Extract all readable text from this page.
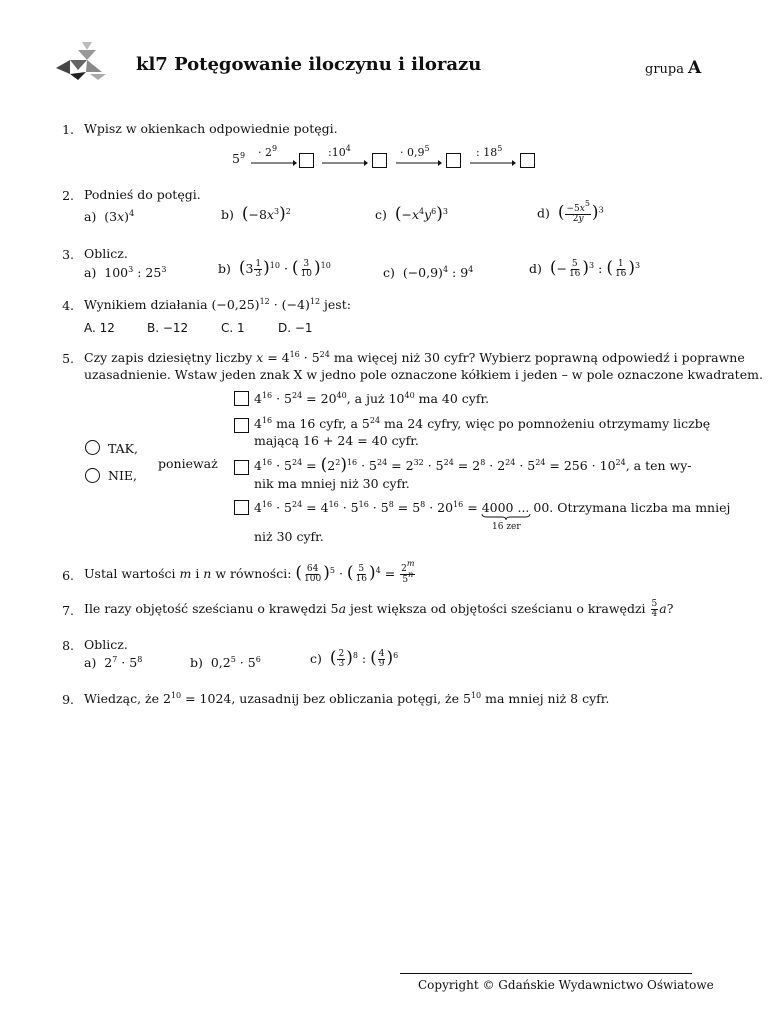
kl7 Potęgowanie iloczynu i ilorazu	grupa A
1. Wpisz w okienkach odpowiednie potęgi.
$5^9 \cdot 2^9$	$:10^4$	· $0,9^5$	: $18^5$
2. Podnieś do potęgi.
a)  $(3x)^4$	b)  $(-8x^3)^2$	c)  $(-x^4y^6)^3$	d)  ( $\frac{-5x^5}{2y} )^3$
3. Oblicz.
a)  $100^3$ : $25^3$	b)  $(3 \frac{1}{3} )^{10}$ · ( $\frac{3}{10} )^{10}$	c)  $(-0,9)^4$ : $9^4$	d)  (− $\frac{5}{16} )^3$ : ( $\frac{1}{16} )^3$
4. Wynikiem działania $(-0,25)^{12} \cdot (-4)^{12}$ jest:
A. 12	B. −12	C. 1	D. −1
5. Czy zapis dziesiętny liczby $x = 4^{16} \cdot 5^{24}$ ma więcej niż 30 cyfr? Wybierz poprawną odpowiedź i poprawne
uzasadnienie. Wstaw jeden znak X w jedno pole oznaczone kółkiem i jeden – w pole oznaczone kwadratem.
TAK,
NIE,
ponieważ
$4^{16} \cdot 5^{24} = 20^{40}$, a już $10^{40}$ ma 40 cyfr.
$4^{16}$ ma 16 cyfr, a $5^{24}$ ma 24 cyfry, więc po pomnożeniu otrzymamy liczbę
mającą 16 + 24 = 40 cyfr.
$4^{16} \cdot 5^{24} = (2^2)^{16} \cdot 5^{24} = 2^{32} \cdot 5^{24} = 2^8 \cdot 2^{24} \cdot 5^{24} = 256 \cdot 10^{24}$, a ten wy-
nik ma mniej niż 30 cyfr.
$4^{16} \cdot 5^{24} = 4^{16} \cdot 5^{16} \cdot 5^8 = 5^8 \cdot 20^{16} = 4000$ ... 00. Otrzymana liczba ma mniej
16 zer
niż 30 cyfr.
6. Ustal wartości m i n w równości: ( $\frac{64}{100} )^5$ · ( $\frac{5}{16} )^4 = \frac{2^m}{5^n}$
7. Ile razy objętość sześcianu o krawędzi 5a jest większa od objętości sześcianu o krawędzi $\frac{5}{4} a$?
8. Oblicz.
a)  $2^7 \cdot 5^8$	b)  $0,2^5 \cdot 5^6$	c)  ( $\frac{2}{3} )^8$ : ( $\frac{4}{9} )^6$
9. Wiedząc, że $2^{10} = 1024$, uzasadnij bez obliczania potęgi, że $5^{10}$ ma mniej niż 8 cyfr.
Copyright © Gdańskie Wydawnictwo Oświatowe
